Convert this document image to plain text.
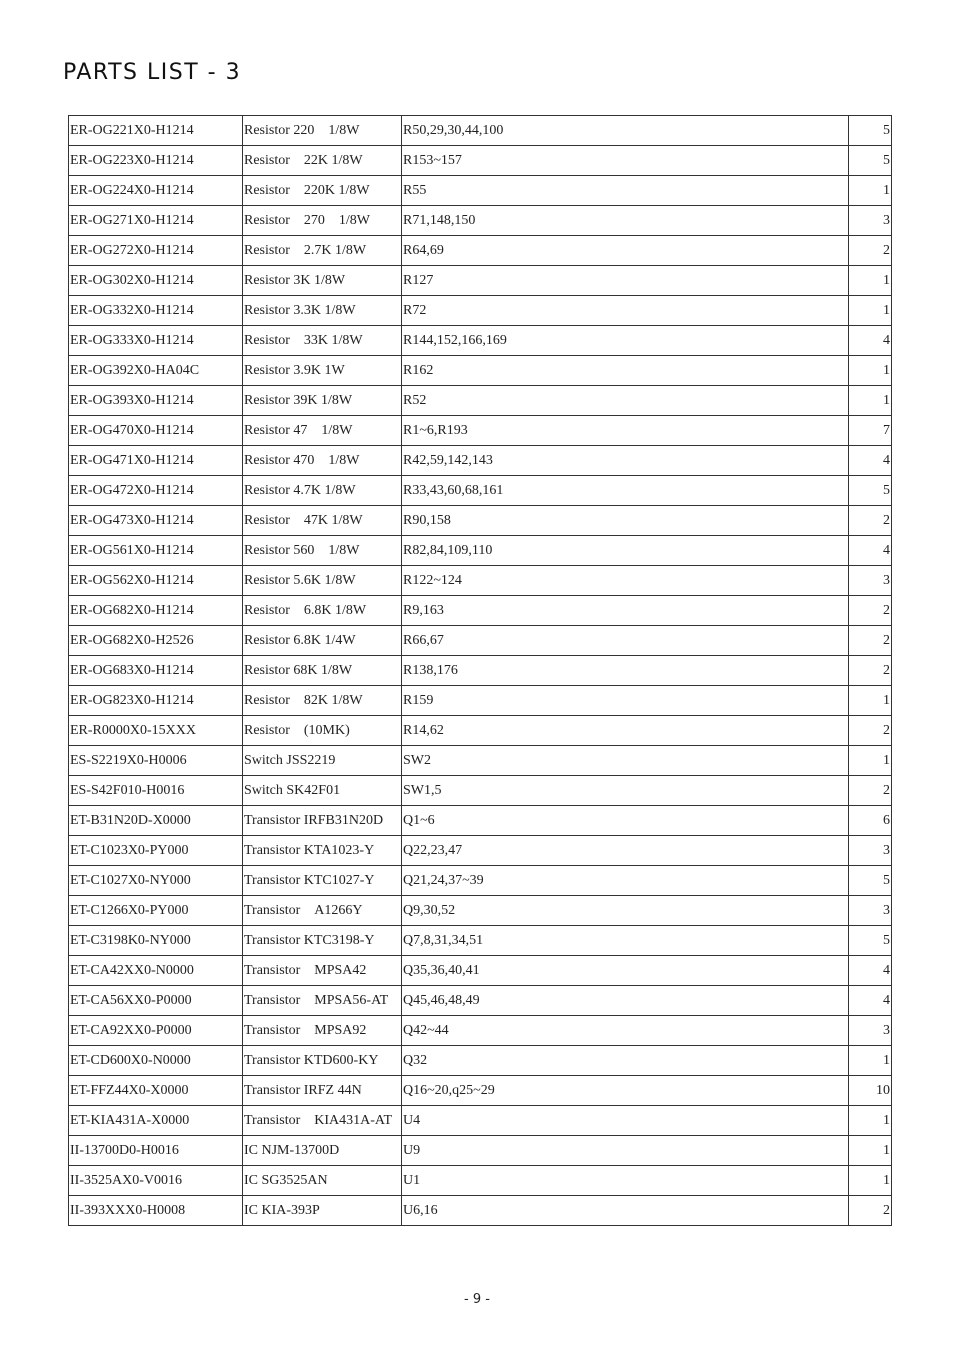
PARTS LIST - 3
ER-OG221X0-H1214	Resistor 220　1/8W	R50,29,30,44,100	5
ER-OG223X0-H1214	Resistor　22K 1/8W	R153~157	5
ER-OG224X0-H1214	Resistor　220K 1/8W	R55	1
ER-OG271X0-H1214	Resistor　270　1/8W	R71,148,150	3
ER-OG272X0-H1214	Resistor　2.7K 1/8W	R64,69	2
ER-OG302X0-H1214	Resistor 3K 1/8W	R127	1
ER-OG332X0-H1214	Resistor 3.3K 1/8W	R72	1
ER-OG333X0-H1214	Resistor　33K 1/8W	R144,152,166,169	4
ER-OG392X0-HA04C	Resistor 3.9K 1W	R162	1
ER-OG393X0-H1214	Resistor 39K 1/8W	R52	1
ER-OG470X0-H1214	Resistor 47　1/8W	R1~6,R193	7
ER-OG471X0-H1214	Resistor 470　1/8W	R42,59,142,143	4
ER-OG472X0-H1214	Resistor 4.7K 1/8W	R33,43,60,68,161	5
ER-OG473X0-H1214	Resistor　47K 1/8W	R90,158	2
ER-OG561X0-H1214	Resistor 560　1/8W	R82,84,109,110	4
ER-OG562X0-H1214	Resistor 5.6K 1/8W	R122~124	3
ER-OG682X0-H1214	Resistor　6.8K 1/8W	R9,163	2
ER-OG682X0-H2526	Resistor 6.8K 1/4W	R66,67	2
ER-OG683X0-H1214	Resistor 68K 1/8W	R138,176	2
ER-OG823X0-H1214	Resistor　82K 1/8W	R159	1
ER-R0000X0-15XXX	Resistor　(10MK)	R14,62	2
ES-S2219X0-H0006	Switch JSS2219	SW2	1
ES-S42F010-H0016	Switch SK42F01	SW1,5	2
ET-B31N20D-X0000	Transistor IRFB31N20D	Q1~6	6
ET-C1023X0-PY000	Transistor KTA1023-Y	Q22,23,47	3
ET-C1027X0-NY000	Transistor KTC1027-Y	Q21,24,37~39	5
ET-C1266X0-PY000	Transistor　A1266Y	Q9,30,52	3
ET-C3198K0-NY000	Transistor KTC3198-Y	Q7,8,31,34,51	5
ET-CA42XX0-N0000	Transistor　MPSA42	Q35,36,40,41	4
ET-CA56XX0-P0000	Transistor　MPSA56-AT	Q45,46,48,49	4
ET-CA92XX0-P0000	Transistor　MPSA92	Q42~44	3
ET-CD600X0-N0000	Transistor KTD600-KY	Q32	1
ET-FFZ44X0-X0000	Transistor IRFZ 44N	Q16~20,q25~29	10
ET-KIA431A-X0000	Transistor　KIA431A-AT	U4	1
II-13700D0-H0016	IC NJM-13700D	U9	1
II-3525AX0-V0016	IC SG3525AN	U1	1
II-393XXX0-H0008	IC KIA-393P	U6,16	2
- 9 -
